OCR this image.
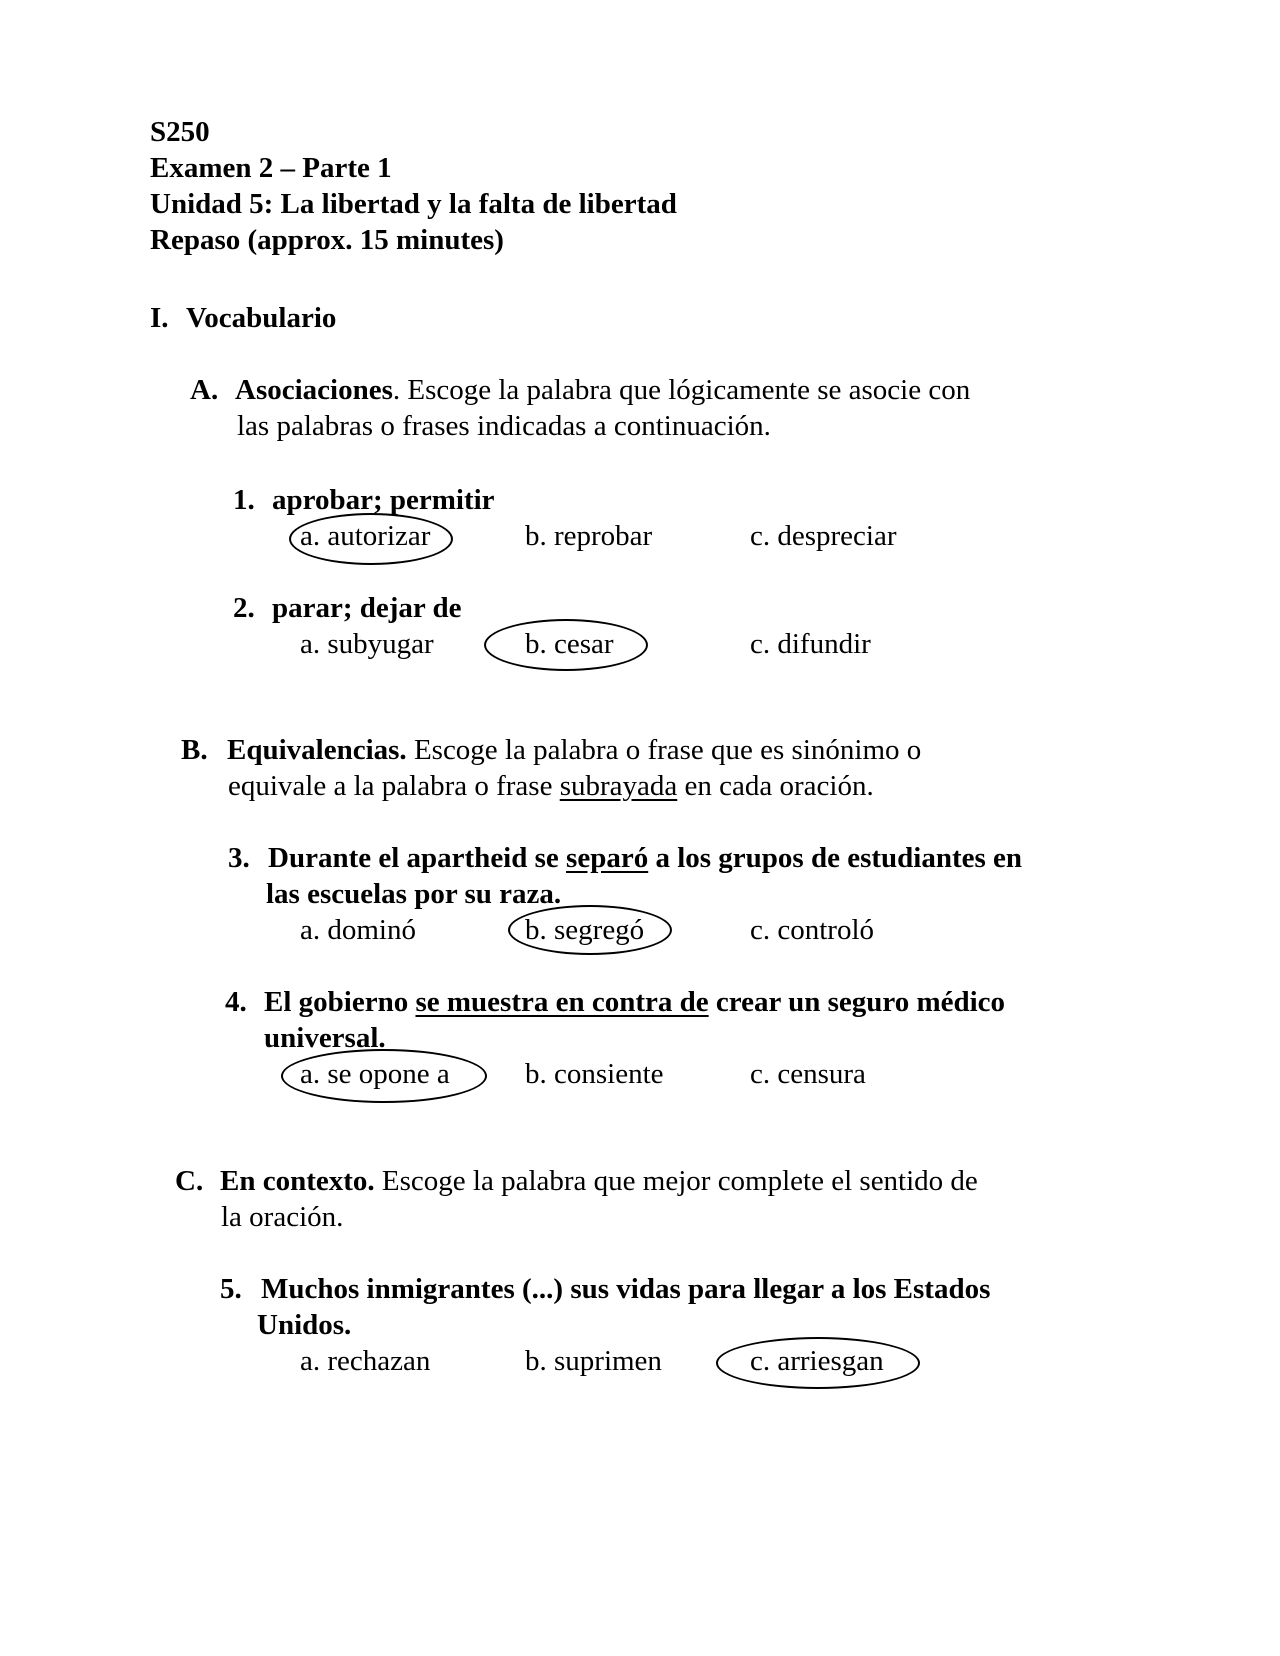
S250
Examen 2 – Parte 1
Unidad 5: La libertad y la falta de libertad
Repaso (approx. 15 minutes)
I. Vocabulario
A. Asociaciones. Escoge la palabra que lógicamente se asocie con
las palabras o frases indicadas a continuación.
1. aprobar; permitir
a. autorizar	b. reprobar	c. despreciar
2. parar; dejar de
a. subyugar	b. cesar	c. difundir
B. Equivalencias. Escoge la palabra o frase que es sinónimo o
equivale a la palabra o frase subrayada en cada oración.
3. Durante el apartheid se separó a los grupos de estudiantes en
las escuelas por su raza.
a. dominó	b. segregó	c. controló
4. El gobierno se muestra en contra de crear un seguro médico
universal.
a. se opone a	b. consiente	c. censura
C. En contexto. Escoge la palabra que mejor complete el sentido de
la oración.
5. Muchos inmigrantes (...) sus vidas para llegar a los Estados
Unidos.
a. rechazan	b. suprimen	c. arriesgan
